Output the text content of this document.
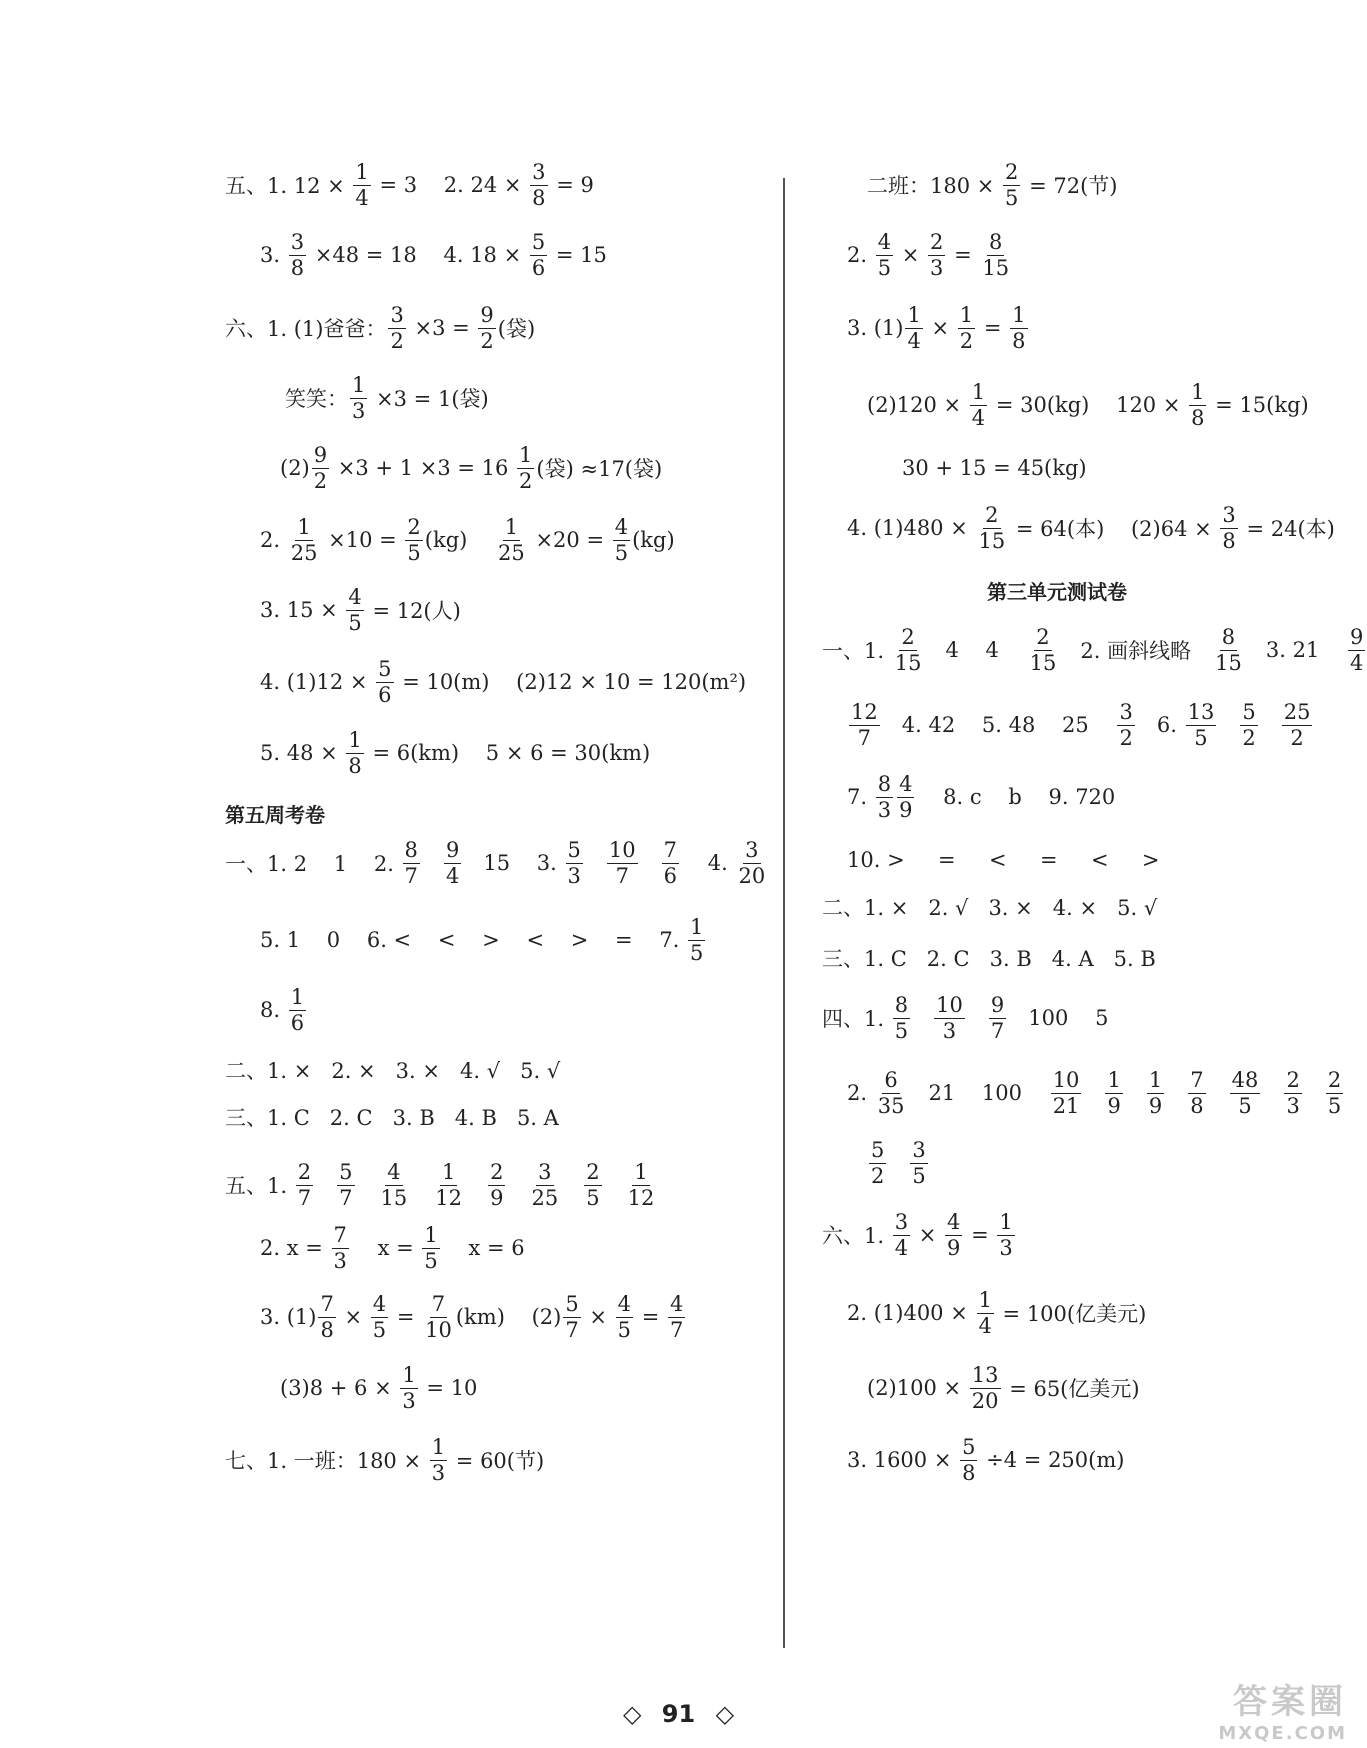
五、1. $12 \times \frac{1}{4} = 3$    2. $24 \times \frac{3}{8} = 9$
3. $\frac{3}{8} \times 48 = 18$    4. $18 \times \frac{5}{6} = 15$
六、1. (1)爸爸： $\frac{3}{2} \times 3 = \frac{9}{2}$ (袋)
笑笑： $\frac{1}{3} \times 3 = 1$(袋)
$(2) \frac{9}{2} \times 3 + 1 \times 3 = 16 \frac{1}{2}$ (袋) ≈17(袋)
2. $\frac{1}{25} \times 10 = \frac{2}{5} (kg) \frac{1}{25} \times 20 = \frac{4}{5} (kg)$
3. $15 \times \frac{4}{5} = 12$(人)
4. $(1)12 \times \frac{5}{6} = 10(m)$    (2)12 × 10 = 120(m²)
5. $48 \times \frac{1}{8} = 6(km)$    5 × 6 = 30(km)
第五周考卷
一、1. 2    1    2. $\frac{8}{7}$
$\frac{9}{4} 15$    3. $\frac{5}{3}$
$\frac{10}{7}$
$\frac{7}{6} 4$. $\frac{3}{20}$
5. 1    0    6. <    <    >    <    >    =    7. $\frac{1}{5}$
8. $\frac{1}{6}$
二、1. ×   2. ×   3. ×   4. √   5. √
三、1. C   2. C   3. B   4. B   5. A
五、1. $\frac{2}{7}$
$\frac{5}{7}$
$\frac{4}{15}$
$\frac{1}{12}$
$\frac{2}{9}$
$\frac{3}{25}$
$\frac{2}{5}$
$\frac{1}{12}$
2. $x = \frac{7}{3}$ $x = \frac{1}{5}$ x = 6
3. $(1) \frac{7}{8} \times \frac{4}{5} = \frac{7}{10} (km)$    $(2) \frac{5}{7} \times \frac{4}{5} = \frac{4}{7}$
$(3)8 + 6 \times \frac{1}{3} = 10$
七、1. 一班：$180 \times \frac{1}{3} = 60$(节)
二班：$180 \times \frac{2}{5} = 72$(节)
2. $\frac{4}{5} \times \frac{2}{3} = \frac{8}{15}$
3. $(1) \frac{1}{4} \times \frac{1}{2} = \frac{1}{8}$
$(2)120 \times \frac{1}{4} = 30(kg)$    $120 \times \frac{1}{8} = 15(kg)$
30 + 15 = 45(kg)
4. $(1)480 \times \frac{2}{15} = 64$(本)    $(2)64 \times \frac{3}{8} = 24$(本)
第三单元测试卷
一、1. $\frac{2}{15} 4$    $4 \frac{2}{15} 2$. 画斜线略 $\frac{8}{15} 3$. $21 \frac{9}{4}$
$\frac{12}{7} 4$. 42    5. 48    $25 \frac{3}{2} 6$. $\frac{13}{5}$
$\frac{5}{2}$
$\frac{25}{2}$
7. $\frac{8}{3} \frac{4}{9} 8$. c    b    9. 720
10. >     =     <     =     <     >
二、1. ×   2. √   3. ×   4. ×   5. √
三、1. C   2. C   3. B   4. A   5. B
四、1. $\frac{8}{5}$
$\frac{10}{3}$
$\frac{9}{7} 100$    5
2. $\frac{6}{35} 21$    $100 \frac{10}{21}$
$\frac{1}{9}$
$\frac{1}{9}$
$\frac{7}{8}$
$\frac{48}{5}$
$\frac{2}{3}$
$\frac{2}{5}$
$\frac{5}{2}$
$\frac{3}{5}$
六、1. $\frac{3}{4} \times \frac{4}{9} = \frac{1}{3}$
2. $(1)400 \times \frac{1}{4} = 100$(亿美元)
$(2)100 \times \frac{13}{20} = 65$(亿美元)
3. $1600 \times \frac{5}{8} \div 4 = 250(m)$
◇ 91 ◇	答案圈
MXQE.COM
